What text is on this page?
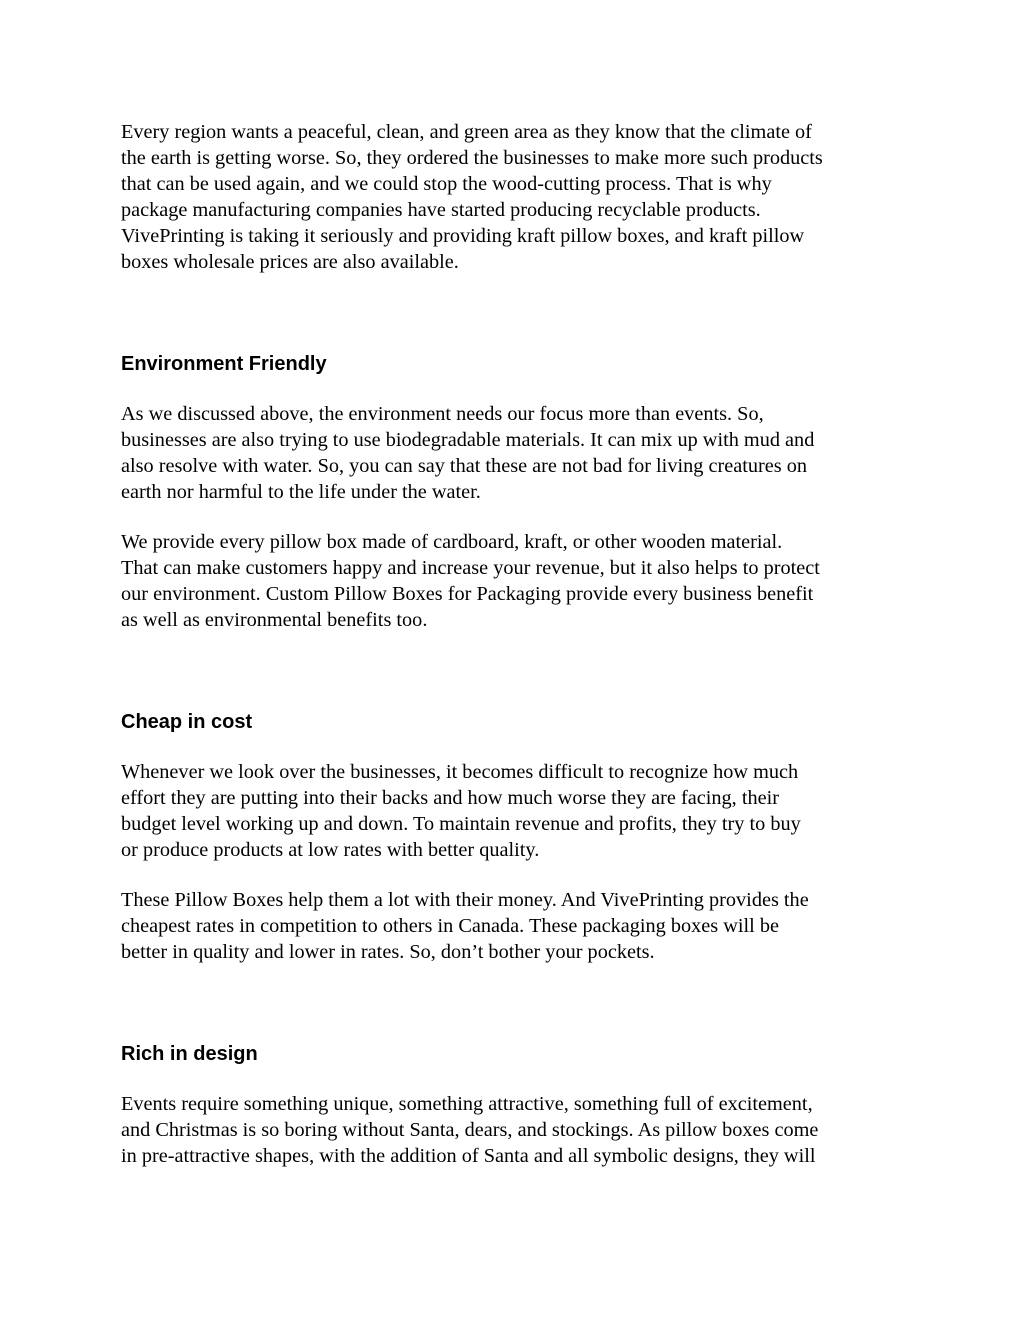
Every region wants a peaceful, clean, and green area as they know that the climate of
the earth is getting worse. So, they ordered the businesses to make more such products
that can be used again, and we could stop the wood-cutting process. That is why
package manufacturing companies have started producing recyclable products.
VivePrinting is taking it seriously and providing kraft pillow boxes, and kraft pillow
boxes wholesale prices are also available.

Environment Friendly

As we discussed above, the environment needs our focus more than events. So,
businesses are also trying to use biodegradable materials. It can mix up with mud and
also resolve with water. So, you can say that these are not bad for living creatures on
earth nor harmful to the life under the water.

We provide every pillow box made of cardboard, kraft, or other wooden material.
That can make customers happy and increase your revenue, but it also helps to protect
our environment. Custom Pillow Boxes for Packaging provide every business benefit
as well as environmental benefits too.

Cheap in cost

Whenever we look over the businesses, it becomes difficult to recognize how much
effort they are putting into their backs and how much worse they are facing, their
budget level working up and down. To maintain revenue and profits, they try to buy
or produce products at low rates with better quality.

These Pillow Boxes help them a lot with their money. And VivePrinting provides the
cheapest rates in competition to others in Canada. These packaging boxes will be
better in quality and lower in rates. So, don’t bother your pockets.

Rich in design

Events require something unique, something attractive, something full of excitement,
and Christmas is so boring without Santa, dears, and stockings. As pillow boxes come
in pre-attractive shapes, with the addition of Santa and all symbolic designs, they will
